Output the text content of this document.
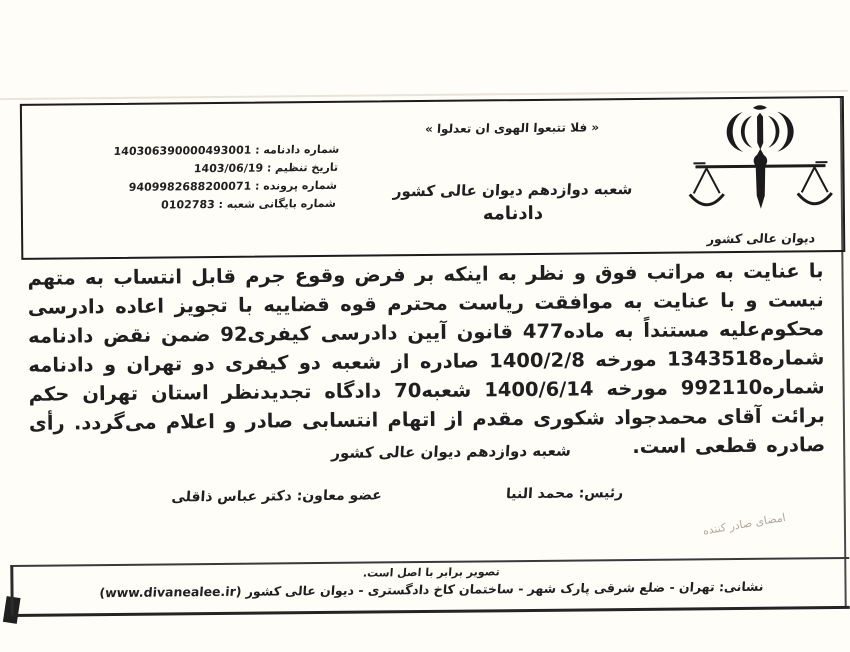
شماره دادنامه : 140306390000493001
تاریخ تنظیم : 1403/06/19
شماره پرونده : 9409982688200071
شماره بایگانی شعبه : 0102783
« فلا تتبعوا الهوی ان تعدلوا »
شعبه دوازدهم دیوان عالی کشور
دادنامه
دیوان عالی کشور
با عنایت به مراتب فوق و نظر به اینکه بر فرض وقوع جرم قابل انتساب به متهم نیست و با عنایت به موافقت ریاست محترم قوه قضاییه با تجویز اعاده دادرسی محکوم‌علیه مستنداً به ماده477 قانون آیین دادرسی کیفری92 ضمن نقض دادنامه شماره1343518 مورخه 1400/2/8 صادره از شعبه دو کیفری دو تهران و دادنامه شماره992110 مورخه 1400/6/14 شعبه70 دادگاه تجدیدنظر استان تهران حکم برائت آقای محمدجواد شکوری مقدم از اتهام انتسابی صادر و اعلام می‌گردد. رأی صادره قطعی است.
شعبه دوازدهم دیوان عالی کشور
رئیس: محمد النیا
عضو معاون: دکتر عباس ذاقلی
امضای صادر کننده
تصویر برابر با اصل است.
نشانی: تهران - ضلع شرقی پارک شهر - ساختمان کاخ دادگستری - دیوان عالی کشور (www.divanealee.ir)
